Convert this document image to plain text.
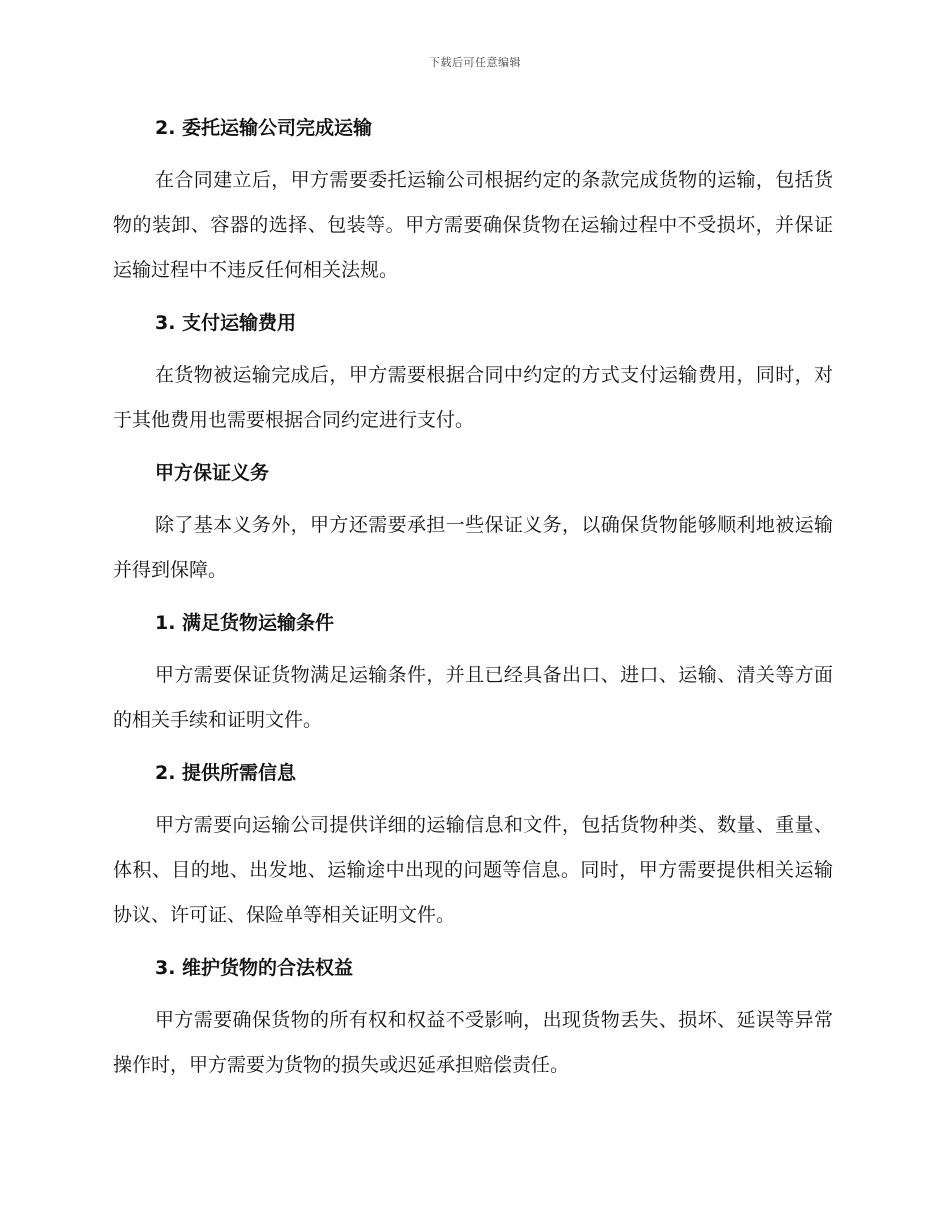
下载后可任意编辑
2. 委托运输公司完成运输

在合同建立后，甲方需要委托运输公司根据约定的条款完成货物的运输，包括货物的装卸、容器的选择、包装等。甲方需要确保货物在运输过程中不受损坏，并保证运输过程中不违反任何相关法规。

3. 支付运输费用

在货物被运输完成后，甲方需要根据合同中约定的方式支付运输费用，同时，对于其他费用也需要根据合同约定进行支付。

甲方保证义务

除了基本义务外，甲方还需要承担一些保证义务，以确保货物能够顺利地被运输并得到保障。

1. 满足货物运输条件

甲方需要保证货物满足运输条件，并且已经具备出口、进口、运输、清关等方面的相关手续和证明文件。

2. 提供所需信息

甲方需要向运输公司提供详细的运输信息和文件，包括货物种类、数量、重量、体积、目的地、出发地、运输途中出现的问题等信息。同时，甲方需要提供相关运输协议、许可证、保险单等相关证明文件。

3. 维护货物的合法权益

甲方需要确保货物的所有权和权益不受影响，出现货物丢失、损坏、延误等异常操作时，甲方需要为货物的损失或迟延承担赔偿责任。
